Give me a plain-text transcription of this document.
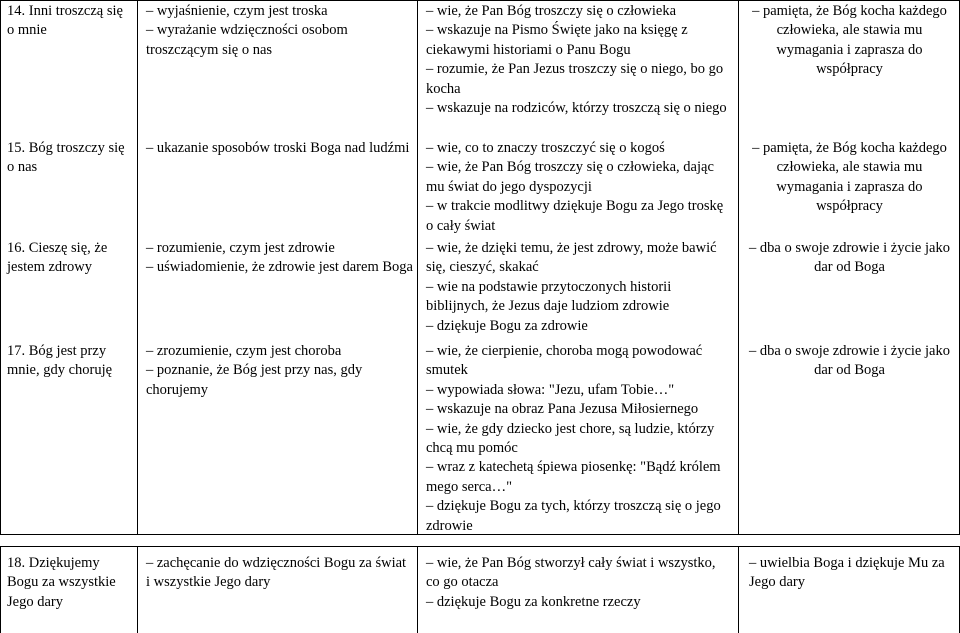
14. Inni troszczą się o mnie
15. Bóg troszczy się o nas
16. Cieszę się, że jestem zdrowy
17. Bóg jest przy mnie, gdy choruję
– wyjaśnienie, czym jest troska
– wyrażanie wdzięczności osobom troszczącym się o nas
– ukazanie sposobów troski Boga nad ludźmi
– rozumienie, czym jest zdrowie
– uświadomienie, że zdrowie jest darem Boga
– zrozumienie, czym jest choroba
– poznanie, że Bóg jest przy nas, gdy chorujemy
– wie, że Pan Bóg troszczy się o człowieka
– wskazuje na Pismo Święte jako na księgę z ciekawymi historiami o Panu Bogu
– rozumie, że Pan Jezus troszczy się o niego, bo go kocha
– wskazuje na rodziców, którzy troszczą się o niego
– wie, co to znaczy troszczyć się o kogoś
– wie, że Pan Bóg troszczy się o człowieka, dając mu świat do jego dyspozycji
– w trakcie modlitwy dziękuje Bogu za Jego troskę o cały świat
– wie, że dzięki temu, że jest zdrowy, może bawić się, cieszyć, skakać
– wie na podstawie przytoczonych historii biblijnych, że Jezus daje ludziom zdrowie
– dziękuje Bogu za zdrowie
– wie, że cierpienie, choroba mogą powodować smutek
– wypowiada słowa: "Jezu, ufam Tobie…"
– wskazuje na obraz Pana Jezusa Miłosiernego
– wie, że gdy dziecko jest chore, są ludzie, którzy chcą mu pomóc
– wraz z katechetą śpiewa piosenkę: "Bądź królem mego serca…"
– dziękuje Bogu za tych, którzy troszczą się o jego zdrowie
– pamięta, że Bóg kocha każdego człowieka, ale stawia mu wymagania i zaprasza do współpracy
– pamięta, że Bóg kocha każdego człowieka, ale stawia mu wymagania i zaprasza do współpracy
– dba o swoje zdrowie i życie jako dar od Boga
– dba o swoje zdrowie i życie jako dar od Boga
18. Dziękujemy Bogu za wszystkie Jego dary
– zachęcanie do wdzięczności Bogu za świat i wszystkie Jego dary
– wie, że Pan Bóg stworzył cały świat i wszystko, co go otacza
– dziękuje Bogu za konkretne rzeczy
– uwielbia Boga i dziękuje Mu za Jego dary
